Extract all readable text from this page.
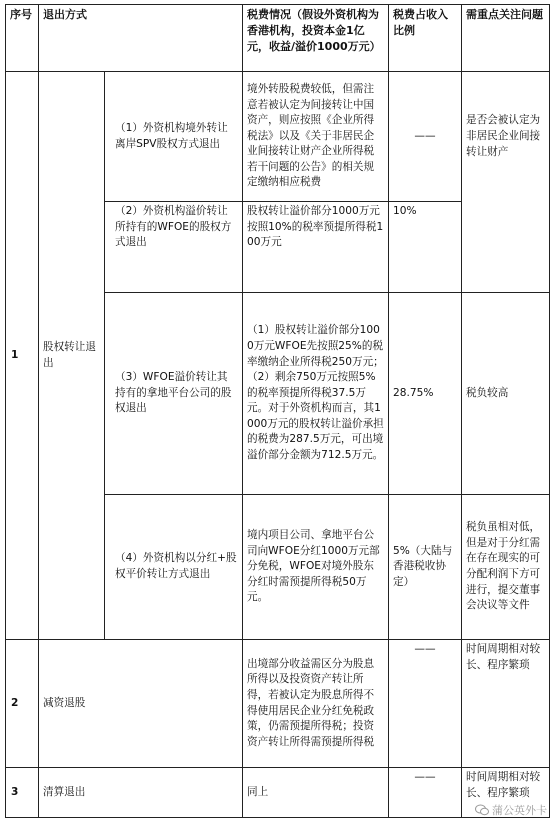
序号	退出方式		税费情况（假设外资机构为香港机构，投资本金1亿元，收益/溢价1000万元）	税费占收入比例	需重点关注问题
1	股权转让退出	（1）外资机构境外转让离岸SPV股权方式退出	境外转股税费较低，但需注意若被认定为间接转让中国资产，则应按照《企业所得税法》以及《关于非居民企业间接转让财产企业所得税若干问题的公告》的相关规定缴纳相应税费	——	是否会被认定为非居民企业间接转让财产
		（2）外资机构溢价转让所持有的WFOE的股权方式退出	股权转让溢价部分1000万元按照10%的税率预提所得税100万元	10%	
		（3）WFOE溢价转让其持有的拿地平台公司的股权退出	（1）股权转让溢价部分1000万元WFOE先按照25%的税率缴纳企业所得税250万元；（2）剩余750万元按照5%的税率预提所得税37.5万元。对于外资机构而言，其1000万元的股权转让溢价承担的税费为287.5万元，可出境溢价部分金额为712.5万元。	28.75%	税负较高
		（4）外资机构以分红+股权平价转让方式退出	境内项目公司、拿地平台公司向WFOE分红1000万元部分免税，WFOE对境外股东分红时需预提所得税50万元。	5%（大陆与香港税收协定）	税负虽相对低，但是对于分红需在存在现实的可分配利润下方可进行，提交董事会决议等文件
2	减资退股		出境部分收益需区分为股息所得以及投资资产转让所得，若被认定为股息所得不得使用居民企业分红免税政策，仍需预提所得税；投资资产转让所得需预提所得税	——	时间周期相对较长、程序繁琐
3	清算退出		同上	——	时间周期相对较长、程序繁琐
蒲公英外卡
